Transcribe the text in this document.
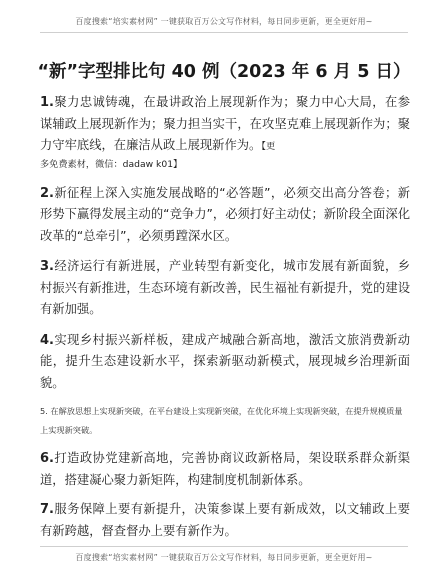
百度搜索“培实素材网” 一键获取百万公文写作材料，每日同步更新，更全更好用~
“新”字型排比句 40 例（2023 年 6 月 5 日）

1.聚力忠诚铸魂，在最讲政治上展现新作为；聚力中心大局，在参谋辅政上展现新作为；聚力担当实干，在攻坚克难上展现新作为；聚力守牢底线，在廉洁从政上展现新作为。【更

多免费素材，微信：dadaw k01】

2.新征程上深入实施发展战略的“必答题”，必须交出高分答卷；新形势下赢得发展主动的“竞争力”，必须打好主动仗；新阶段全面深化改革的“总牵引”，必须勇蹚深水区。

3.经济运行有新进展，产业转型有新变化，城市发展有新面貌，乡村振兴有新推进，生态环境有新改善，民生福祉有新提升，党的建设有新加强。

4.实现乡村振兴新样板，建成产城融合新高地，激活文旅消费新动能，提升生态建设新水平，探索新驱动新模式，展现城乡治理新面貌。

5. 在解放思想上实现新突破，在平台建设上实现新突破，在优化环境上实现新突破，在提升规模质量上实现新突破。

6.打造政协党建新高地，完善协商议政新格局，架设联系群众新渠道，搭建凝心聚力新矩阵，构建制度机制新体系。

7.服务保障上要有新提升，决策参谋上要有新成效，以文辅政上要有新跨越，督查督办上要有新作为。

百度搜索“培实素材网” 一键获取百万公文写作材料，每日同步更新，更全更好用~
